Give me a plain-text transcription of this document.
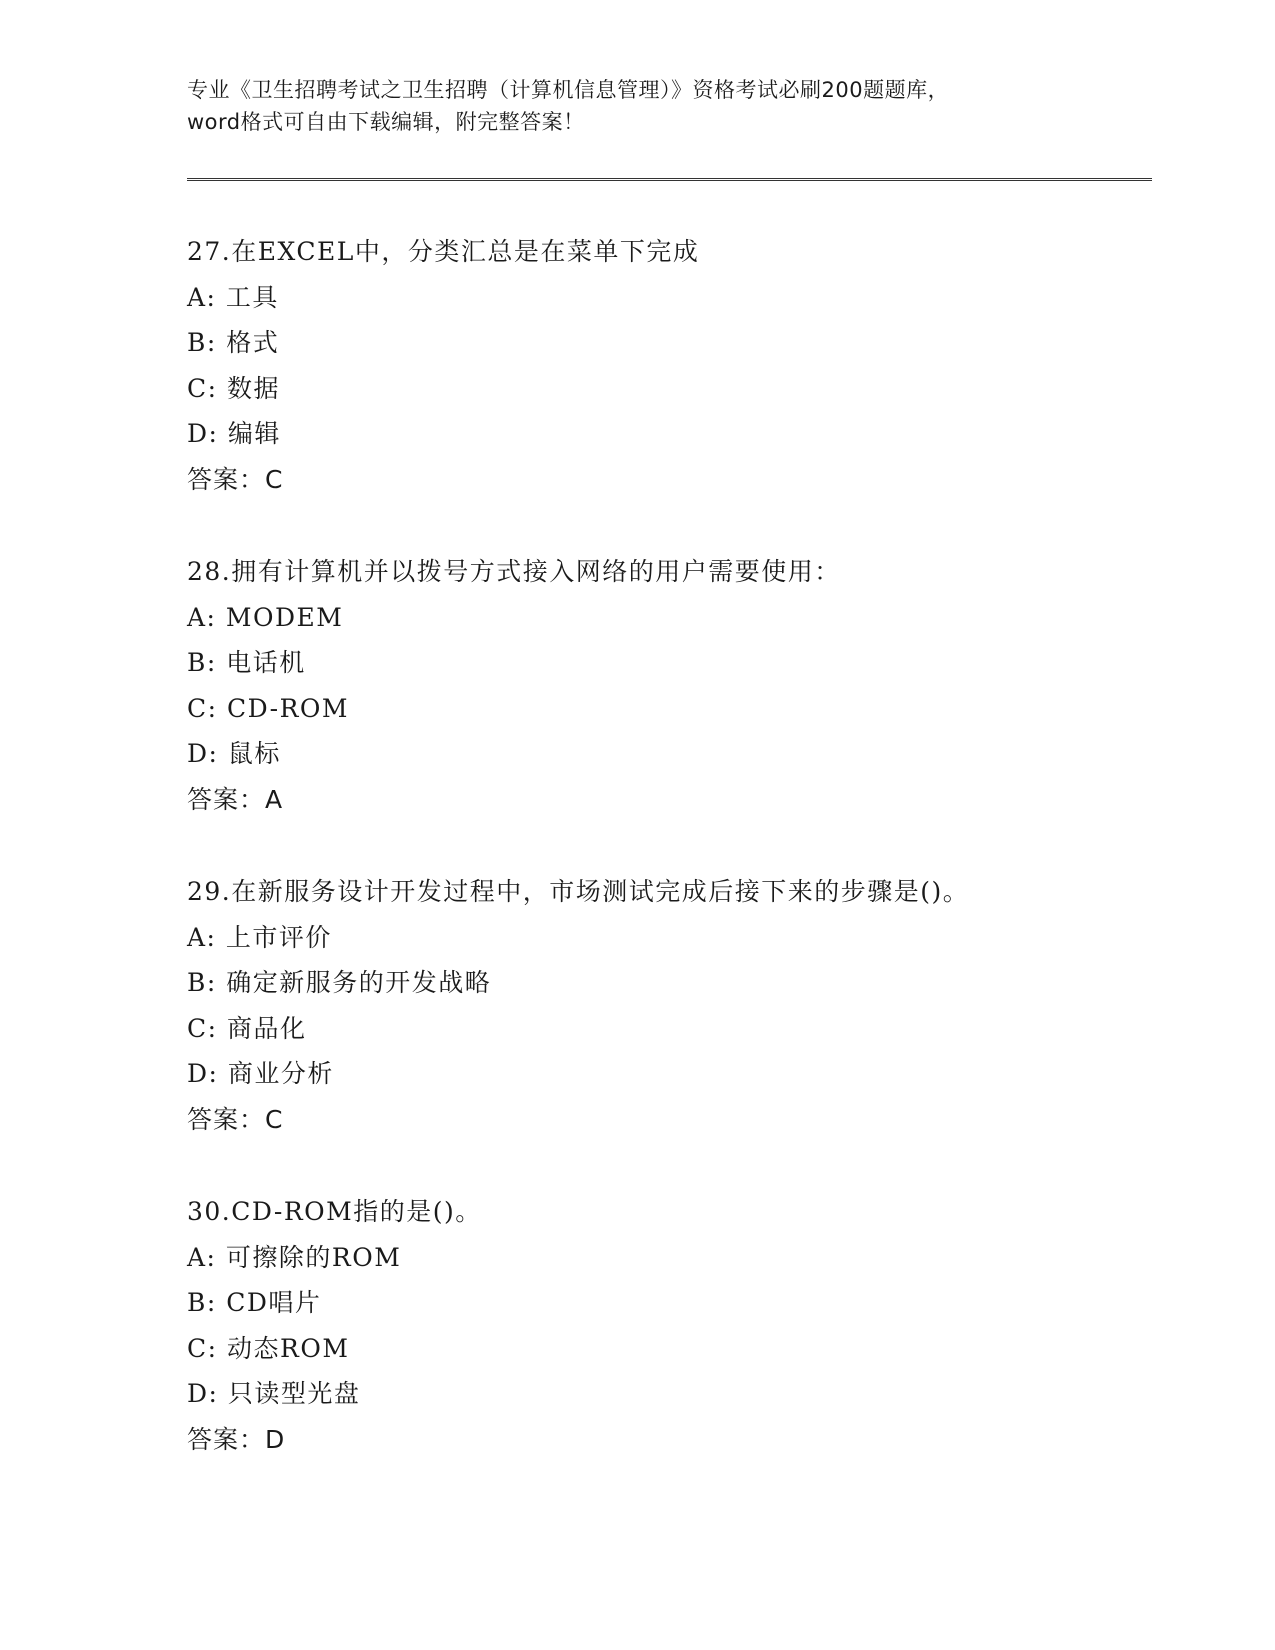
专业《卫生招聘考试之卫生招聘（计算机信息管理）》资格考试必刷200题题库，
word格式可自由下载编辑，附完整答案！
27.在EXCEL中，分类汇总是在菜单下完成
A: 工具
B: 格式
C: 数据
D: 编辑
答案：C
28.拥有计算机并以拨号方式接入网络的用户需要使用：
A: MODEM
B: 电话机
C: CD-ROM
D: 鼠标
答案：A
29.在新服务设计开发过程中，市场测试完成后接下来的步骤是()。
A: 上市评价
B: 确定新服务的开发战略
C: 商品化
D: 商业分析
答案：C
30.CD-ROM指的是()。
A: 可擦除的ROM
B: CD唱片
C: 动态ROM
D: 只读型光盘
答案：D
